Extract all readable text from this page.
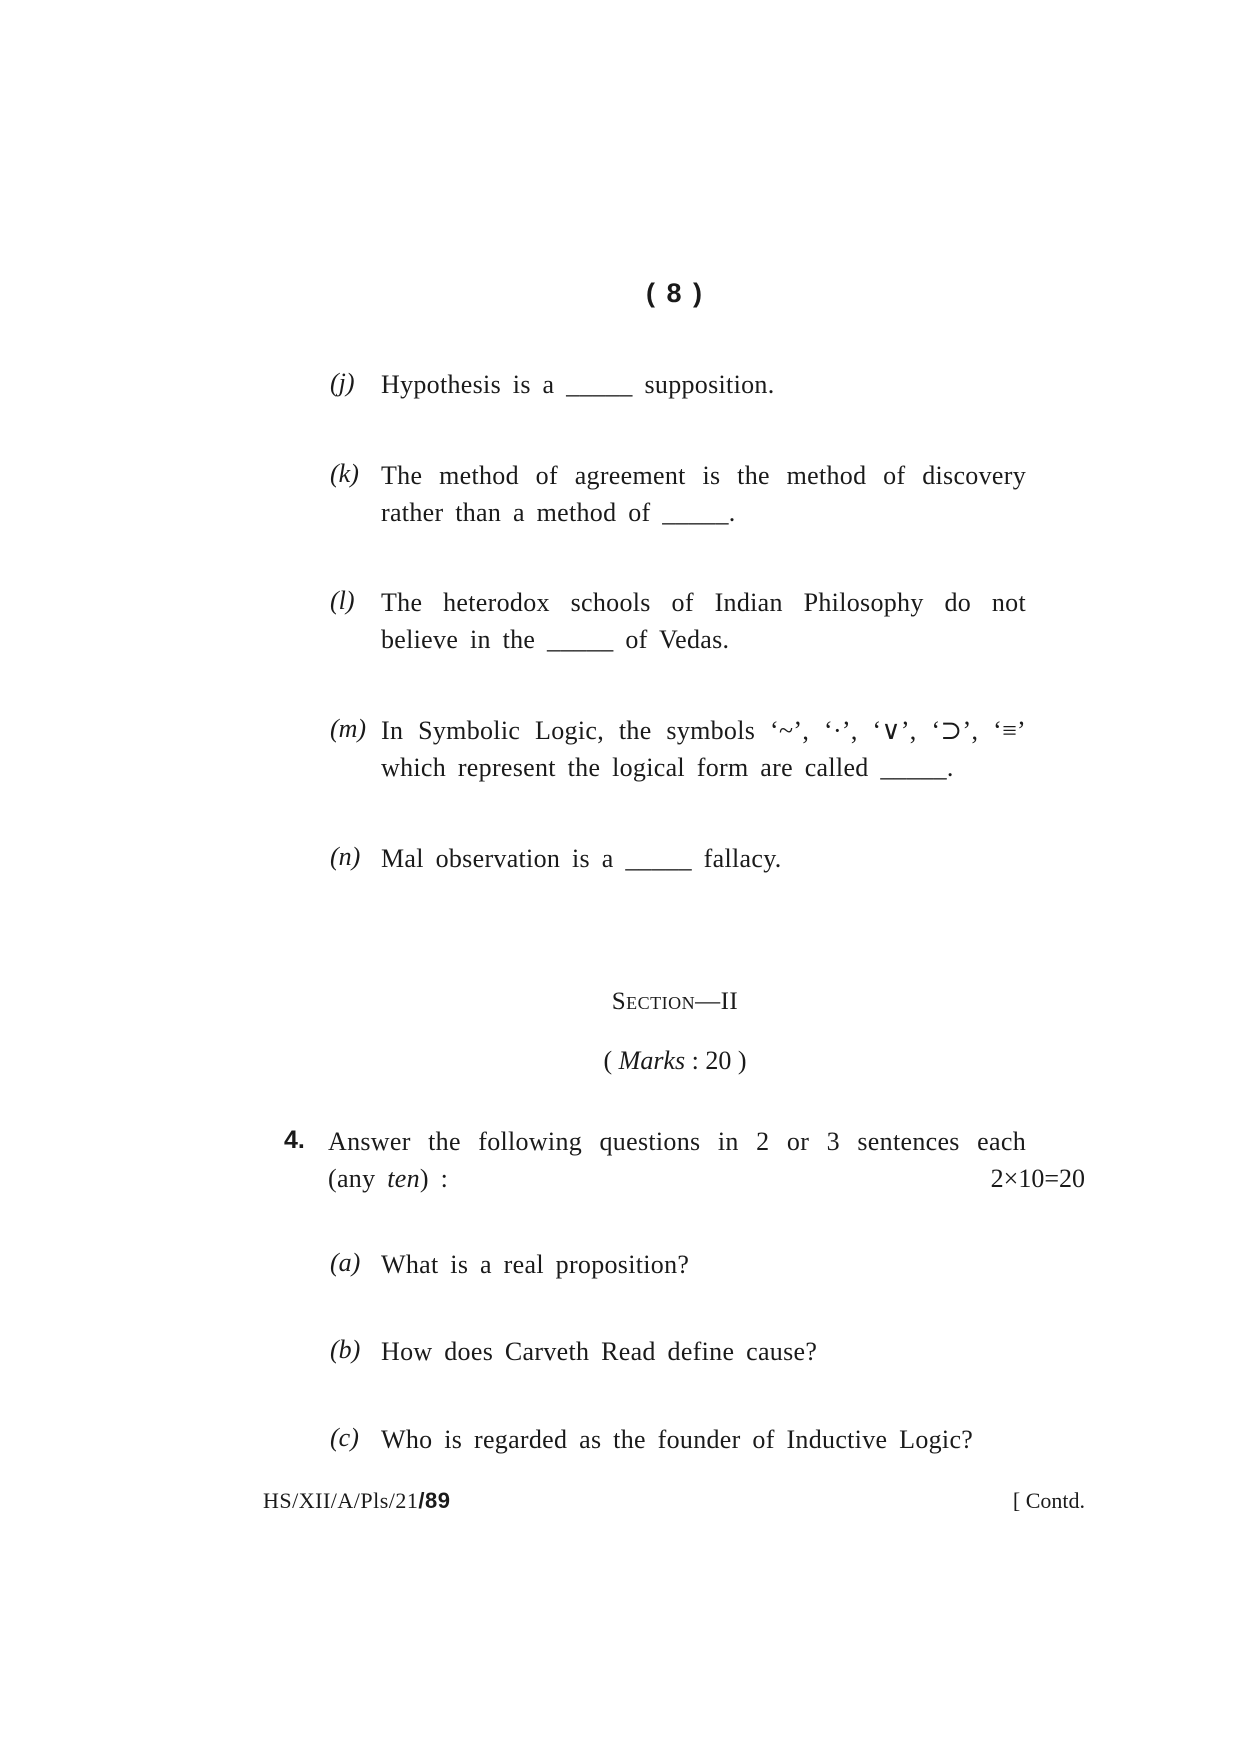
( 8 )
(j)	Hypothesis is a _____ supposition.
(k) The method of agreement is the method of discovery
rather than a method of _____.
(l)	The heterodox schools of Indian Philosophy do not
believe in the _____ of Vedas.
(m) In Symbolic Logic, the symbols ‘~’, ‘·’, ‘∨’, ‘⊃’, ‘≡’
which represent the logical form are called _____.
(n) Mal observation is a _____ fallacy.
Section—II
( Marks : 20 )
4. Answer the following questions in 2 or 3 sentences each
(any ten) :	2×10=20
(a) What is a real proposition?
(b) How does Carveth Read define cause?
(c) Who is regarded as the founder of Inductive Logic?
HS/XII/A/Pls/21/89	[ Contd.
